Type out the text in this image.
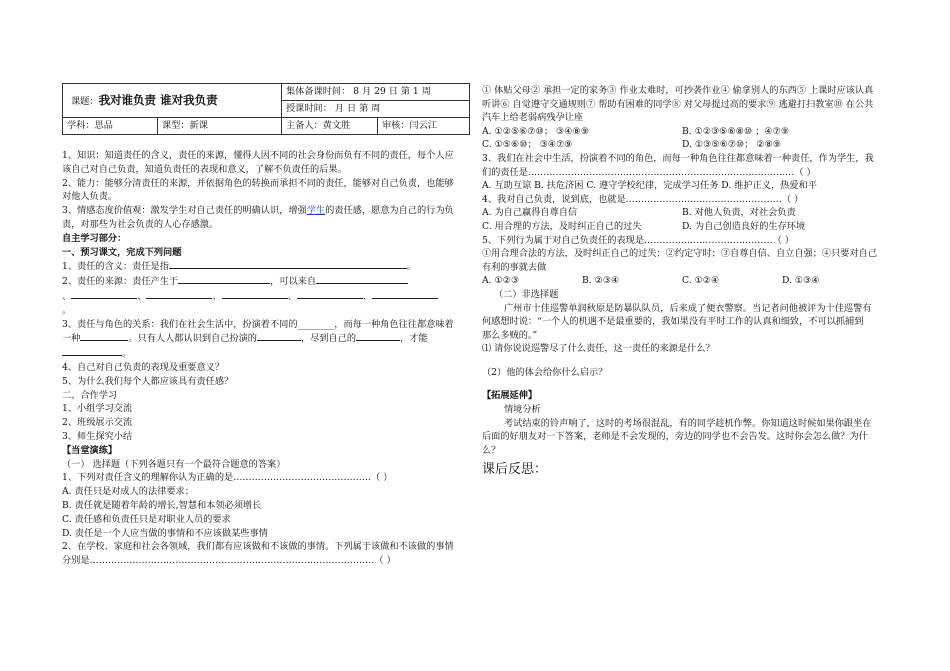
课题：我对谁负责 谁对我负责	集体备课时间： 8 月 29 日 第 1 周
授课时间： 月 日 第 周
学科：思品	课型：新课	主备人：黄文胜	审核：闫云江
1、知识：知道责任的含义，责任的来源，懂得人因不同的社会身份而负有不同的责任，每个人应
该自己对自己负责，知道负责任的表现和意义，了解不负责任的后果。
2、能力：能够分清责任的来源，并依据角色的转换而承担不同的责任，能够对自己负责，也能够
对他人负责。
3、情感态度价值观：激发学生对自己责任的明确认识，增强学生的责任感，愿意为自己的行为负
责，对那些为社会负责的人心存感激。
自主学习部分：
一、预习课文，完成下列问题
1、责任的含义：责任是指	。
2、责任的来源：责任产生于	，可以来自
、	、	、	、	、
。
3、责任与角色的关系：我们在社会生活中，扮演着不同的________，而每一种角色往往都意味着
一种	。只有人人都认识到自己扮演的	，尽到自己的	，才能
。
4、自己对自己负责的表现及重要意义？
5、为什么我们每个人都应该具有责任感？
二、合作学习
1、小组学习交流
2、班级展示交流
3、师生探究小结
【当堂演练】
（一） 选择题（下列各题只有一个最符合题意的答案）
1、下列对责任含义的理解你认为正确的是………………………………………（ ）
A. 责任只是对成人的法律要求；
B. 责任就是随着年龄的增长,智慧和本领必须增长
C. 责任感和负责任只是对职业人员的要求
D. 责任是一个人应当做的事情和不应该做某些事情
2、在学校、家庭和社会各领域，我们都有应该做和不该做的事情。下列属于该做和不该做的事情
分别是…………………………………………………………………………………（ ）
① 体贴父母② 承担一定的家务③ 作业太难时，可抄袭作业④ 偷拿别人的东西⑤ 上课时应该认真
听讲⑥ 自觉遵守交通规则⑦ 帮助有困难的同学⑧ 对父母提过高的要求⑨ 逃避打扫教室⑩ 在公共
汽车上给老弱病残孕让座
A. ①②⑤⑥⑦⑩； ③④⑧⑨	B. ①②③⑤⑥⑧⑩ ；④⑦⑨
C. ①⑤⑥⑩； ③④⑦⑨	D. ①③⑤⑥⑦⑩； ②⑧⑨
3、我们在社会中生活，扮演着不同的角色，而每一种角色往往都意味着一种责任，作为学生，我
们的责任是……………………………………………………………………………（ ）
A. 互助互谅 B. 扶危济困 C. 遵守学校纪律，完成学习任务 D. 维护正义，热爱和平
4、我对自己负责，说到底，也就是……………………………………………（ ）
A. 为自己赢得自尊自信	B. 对他人负责，对社会负责
C. 用合理的方法，及时纠正自己的过失	D. 为自己创造良好的生存环境
5、下列行为属于对自己负责任的表现是……………………………………（ ）
①用合理合法的方法，及时纠正自己的过失；②约定守时；③自尊自信、自立自强；④只要对自己
有利的事就去做
A. ①②③	B. ②③④	C. ①②④	D. ①③④
（二）非选择题
广州市十佳巡警单润秋原是防暴队队员，后来成了便衣警察。当记者问他被评为十佳巡警有
何感想时说：“一个人的机遇不是最重要的，我如果没有平时工作的认真和细致，不可以抓捕到
那么多贼的。”
⑴ 请你说说巡警尽了什么责任，这一责任的来源是什么？
（2）他的体会给你什么启示？
【拓展延伸】
情境分析
考试结束的铃声响了，这时的考场很混乱，有的同学趁机作弊。你知道这时候如果你跟坐在
后面的好朋友对一下答案，老师是不会发现的，旁边的同学也不会告发。这时你会怎么做？为什
么？
课后反思：
